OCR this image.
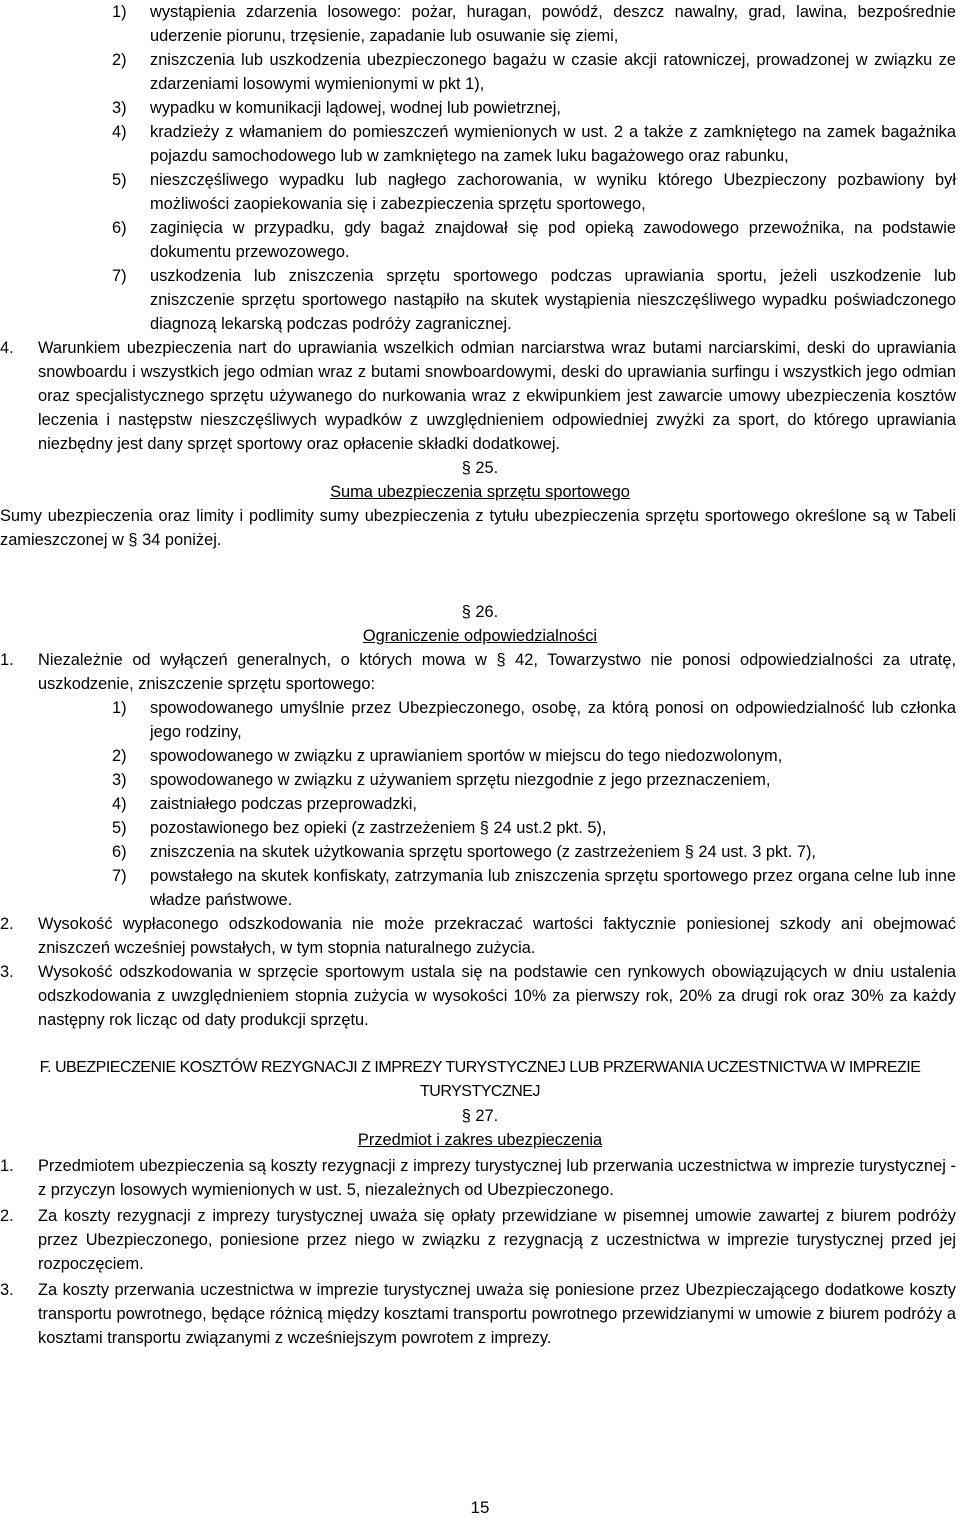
1)	wystąpienia zdarzenia losowego: pożar, huragan, powódź, deszcz nawalny, grad, lawina, bezpośrednie uderzenie piorunu, trzęsienie, zapadanie lub osuwanie się ziemi,
2)	zniszczenia lub uszkodzenia ubezpieczonego bagażu w czasie akcji ratowniczej, prowadzonej w związku ze zdarzeniami losowymi wymienionymi w pkt 1),
3)	wypadku w komunikacji lądowej, wodnej lub powietrznej,
4)	kradzieży z włamaniem do pomieszczeń wymienionych w ust. 2 a także z zamkniętego na zamek bagażnika pojazdu samochodowego lub w zamkniętego na zamek luku bagażowego oraz rabunku,
5)	nieszczęśliwego wypadku lub nagłego zachorowania, w wyniku którego Ubezpieczony pozbawiony był możliwości zaopiekowania się i zabezpieczenia sprzętu sportowego,
6)	zaginięcia w przypadku, gdy bagaż znajdował się pod opieką zawodowego przewoźnika, na podstawie dokumentu przewozowego.
7)	uszkodzenia lub zniszczenia sprzętu sportowego podczas uprawiania sportu, jeżeli uszkodzenie lub zniszczenie sprzętu sportowego nastąpiło na skutek wystąpienia nieszczęśliwego wypadku poświadczonego diagnozą lekarską podczas podróży zagranicznej.
4.	Warunkiem ubezpieczenia nart do uprawiania wszelkich odmian narciarstwa wraz butami narciarskimi, deski do uprawiania snowboardu i wszystkich jego odmian wraz z butami snowboardowymi, deski do uprawiania surfingu i wszystkich jego odmian oraz specjalistycznego sprzętu używanego do nurkowania wraz z ekwipunkiem jest zawarcie umowy ubezpieczenia kosztów leczenia i następstw nieszczęśliwych wypadków z uwzględnieniem odpowiedniej zwyżki za sport, do którego uprawiania niezbędny jest dany sprzęt sportowy oraz opłacenie składki dodatkowej.

§ 25.

Suma ubezpieczenia sprzętu sportowego

Sumy ubezpieczenia oraz limity i podlimity sumy ubezpieczenia z tytułu ubezpieczenia sprzętu sportowego określone są w Tabeli zamieszczonej w § 34 poniżej.

§ 26.

Ograniczenie odpowiedzialności

1.	Niezależnie od wyłączeń generalnych, o których mowa w § 42, Towarzystwo nie ponosi odpowiedzialności za utratę, uszkodzenie, zniszczenie sprzętu sportowego:
1)	spowodowanego umyślnie przez Ubezpieczonego, osobę, za którą ponosi on odpowiedzialność lub członka jego rodziny,
2)	spowodowanego w związku z uprawianiem sportów w miejscu do tego niedozwolonym,
3)	spowodowanego w związku z używaniem sprzętu niezgodnie z jego przeznaczeniem,
4)	zaistniałego podczas przeprowadzki,
5)	pozostawionego bez opieki (z zastrzeżeniem § 24 ust.2 pkt. 5),
6)	zniszczenia na skutek użytkowania sprzętu sportowego (z zastrzeżeniem § 24 ust. 3 pkt. 7),
7)	powstałego na skutek konfiskaty, zatrzymania lub zniszczenia sprzętu sportowego przez organa celne lub inne władze państwowe.
2.	Wysokość wypłaconego odszkodowania nie może przekraczać wartości faktycznie poniesionej szkody ani obejmować zniszczeń wcześniej powstałych, w tym stopnia naturalnego zużycia.
3.	Wysokość odszkodowania w sprzęcie sportowym ustala się na podstawie cen rynkowych obowiązujących w dniu ustalenia odszkodowania z uwzględnieniem stopnia zużycia w wysokości 10% za pierwszy rok, 20% za drugi rok oraz 30% za każdy następny rok licząc od daty produkcji sprzętu.

F. UBEZPIECZENIE KOSZTÓW REZYGNACJI Z IMPREZY TURYSTYCZNEJ LUB PRZERWANIA UCZESTNICTWA W IMPREZIE TURYSTYCZNEJ

§ 27.

Przedmiot i zakres ubezpieczenia

1.	Przedmiotem ubezpieczenia są koszty rezygnacji z imprezy turystycznej lub przerwania uczestnictwa w imprezie turystycznej - z przyczyn losowych wymienionych w ust. 5, niezależnych od Ubezpieczonego.
2.	Za koszty rezygnacji z imprezy turystycznej uważa się opłaty przewidziane w pisemnej umowie zawartej z biurem podróży przez Ubezpieczonego, poniesione przez niego w związku z rezygnacją z uczestnictwa w imprezie turystycznej przed jej rozpoczęciem.
3.	Za koszty przerwania uczestnictwa w imprezie turystycznej uważa się poniesione przez Ubezpieczającego dodatkowe koszty transportu powrotnego, będące różnicą między kosztami transportu powrotnego przewidzianymi w umowie z biurem podróży a kosztami transportu związanymi z wcześniejszym powrotem z imprezy.
15
